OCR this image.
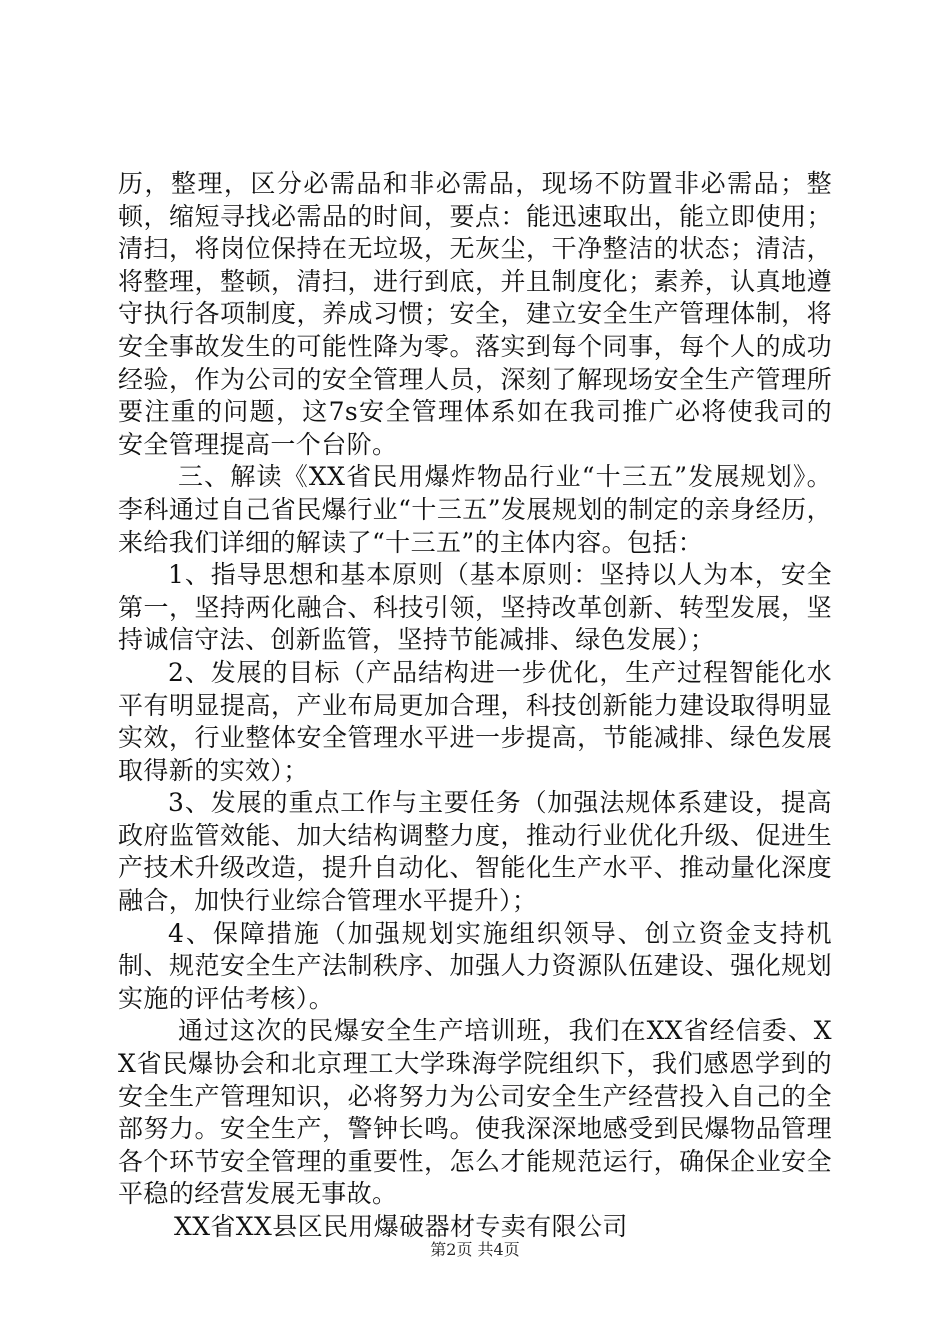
历，整理，区分必需品和非必需品，现场不防置非必需品；整顿，缩短寻找必需品的时间，要点：能迅速取出，能立即使用；清扫，将岗位保持在无垃圾，无灰尘，干净整洁的状态；清洁，将整理，整顿，清扫，进行到底，并且制度化；素养，认真地遵守执行各项制度，养成习惯；安全，建立安全生产管理体制，将安全事故发生的可能性降为零。落实到每个同事，每个人的成功经验，作为公司的安全管理人员，深刻了解现场安全生产管理所要注重的问题，这7s安全管理体系如在我司推广必将使我司的安全管理提高一个台阶。

三、解读《XX省民用爆炸物品行业“十三五”发展规划》。李科通过自己省民爆行业“十三五”发展规划的制定的亲身经历，来给我们详细的解读了“十三五”的主体内容。包括：

1、指导思想和基本原则（基本原则：坚持以人为本，安全第一，坚持两化融合、科技引领，坚持改革创新、转型发展，坚持诚信守法、创新监管，坚持节能减排、绿色发展）；

2、发展的目标（产品结构进一步优化，生产过程智能化水平有明显提高，产业布局更加合理，科技创新能力建设取得明显实效，行业整体安全管理水平进一步提高，节能减排、绿色发展取得新的实效）；

3、发展的重点工作与主要任务（加强法规体系建设，提高政府监管效能、加大结构调整力度，推动行业优化升级、促进生产技术升级改造，提升自动化、智能化生产水平、推动量化深度融合，加快行业综合管理水平提升）；

4、保障措施（加强规划实施组织领导、创立资金支持机制、规范安全生产法制秩序、加强人力资源队伍建设、强化规划实施的评估考核）。

通过这次的民爆安全生产培训班，我们在XX省经信委、XX省民爆协会和北京理工大学珠海学院组织下，我们感恩学到的安全生产管理知识，必将努力为公司安全生产经营投入自己的全部努力。安全生产，警钟长鸣。使我深深地感受到民爆物品管理各个环节安全管理的重要性，怎么才能规范运行，确保企业安全平稳的经营发展无事故。

XX省XX县区民用爆破器材专卖有限公司

第2页 共4页
